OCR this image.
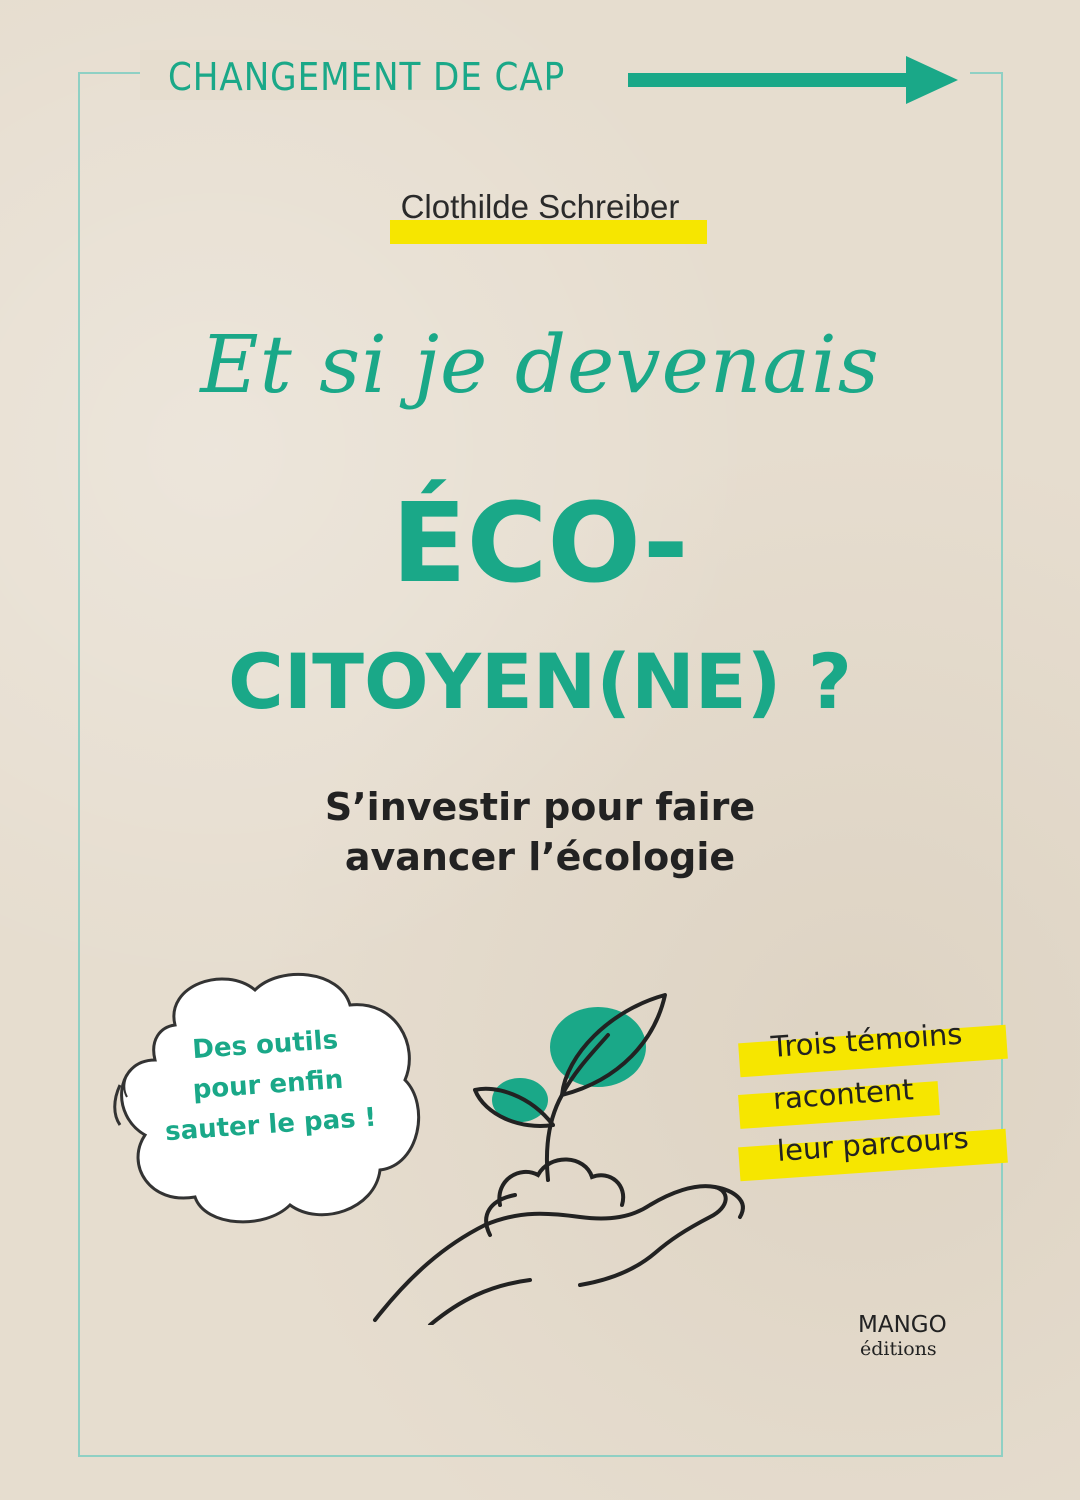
CHANGEMENT DE CAP
Clothilde Schreiber
Et si je devenais
ÉCO-
CITOYEN(NE) ?
S’investir pour faire
avancer l’écologie
Des outils
pour enfin
sauter le pas !
Trois témoins
racontent
leur parcours
MANGO
éditions
